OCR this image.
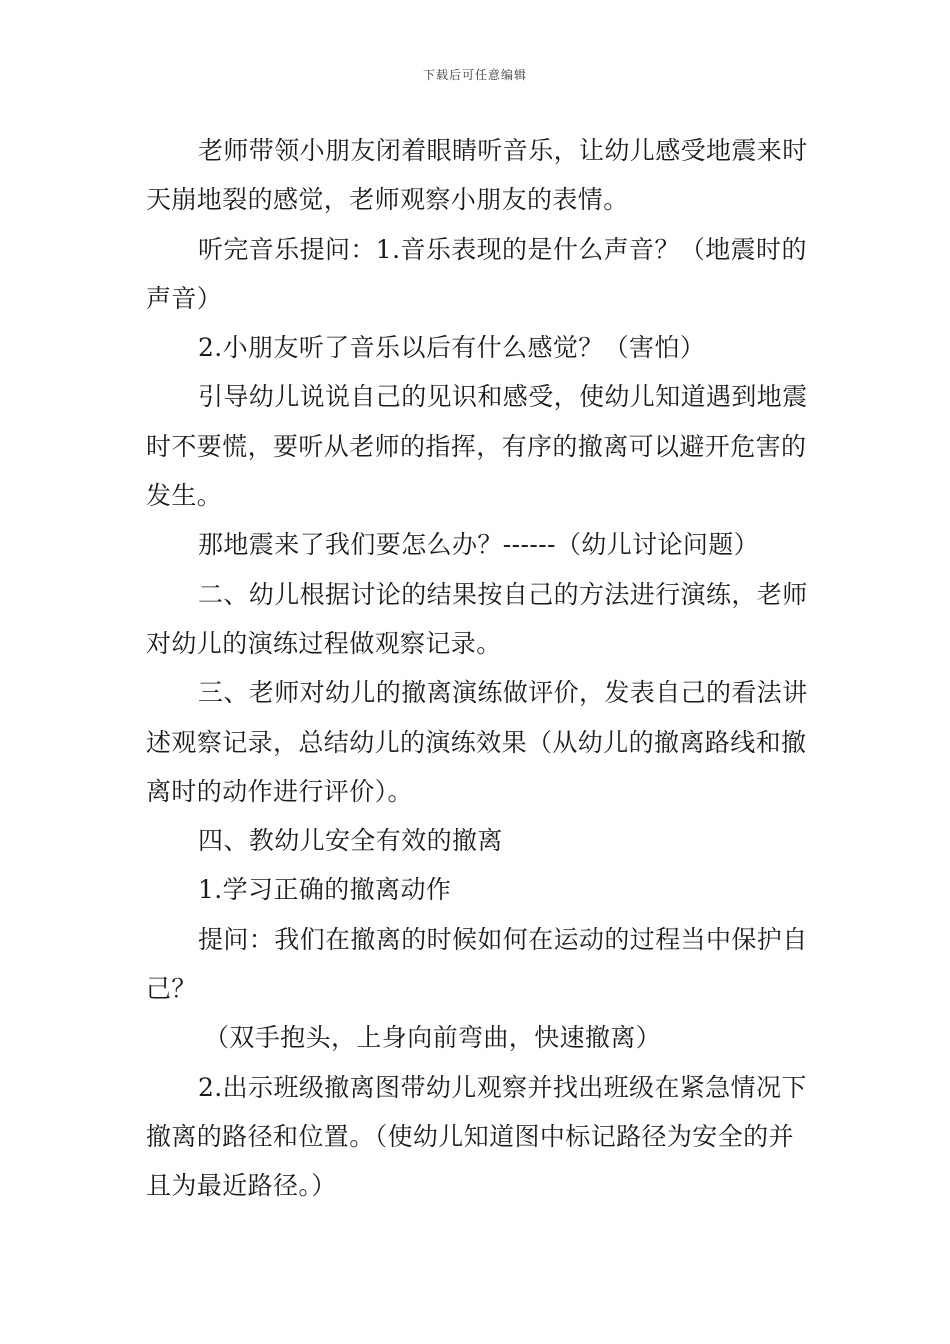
下载后可任意编辑

老师带领小朋友闭着眼睛听音乐，让幼儿感受地震来时天崩地裂的感觉，老师观察小朋友的表情。

听完音乐提问：1.音乐表现的是什么声音？（地震时的声音）

2.小朋友听了音乐以后有什么感觉？（害怕）

引导幼儿说说自己的见识和感受，使幼儿知道遇到地震时不要慌，要听从老师的指挥，有序的撤离可以避开危害的发生。

那地震来了我们要怎么办？------（幼儿讨论问题）

二、幼儿根据讨论的结果按自己的方法进行演练，老师对幼儿的演练过程做观察记录。

三、老师对幼儿的撤离演练做评价，发表自己的看法讲述观察记录，总结幼儿的演练效果（从幼儿的撤离路线和撤离时的动作进行评价）。

四、教幼儿安全有效的撤离

1.学习正确的撤离动作

提问：我们在撤离的时候如何在运动的过程当中保护自己？

（双手抱头，上身向前弯曲，快速撤离）

2.出示班级撤离图带幼儿观察并找出班级在紧急情况下撤离的路径和位置。（使幼儿知道图中标记路径为安全的并且为最近路径。）
